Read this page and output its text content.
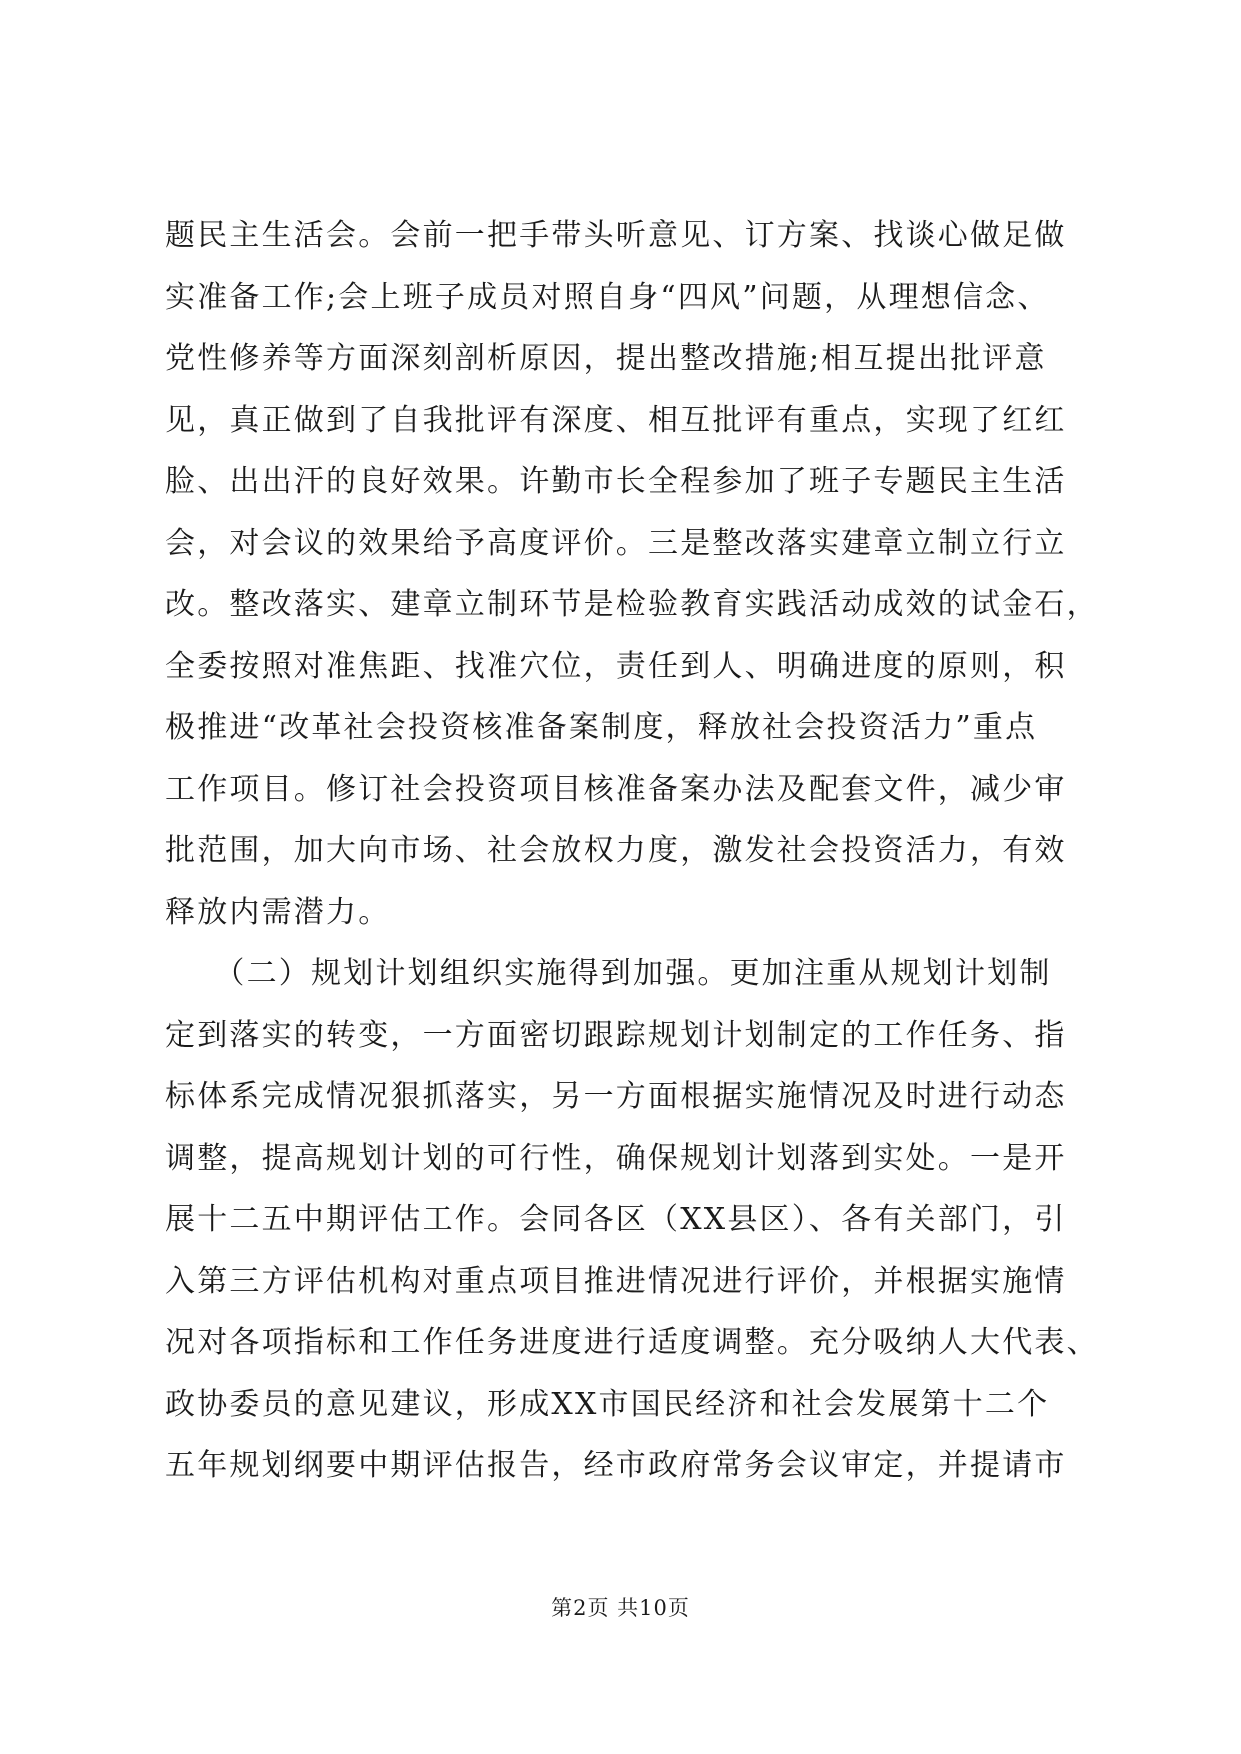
题民主生活会。会前一把手带头听意见、订方案、找谈心做足做
实准备工作;会上班子成员对照自身“四风”问题，从理想信念、
党性修养等方面深刻剖析原因，提出整改措施;相互提出批评意
见，真正做到了自我批评有深度、相互批评有重点，实现了红红
脸、出出汗的良好效果。许勤市长全程参加了班子专题民主生活
会，对会议的效果给予高度评价。三是整改落实建章立制立行立
改。整改落实、建章立制环节是检验教育实践活动成效的试金石，
全委按照对准焦距、找准穴位，责任到人、明确进度的原则，积
极推进“改革社会投资核准备案制度，释放社会投资活力”重点
工作项目。修订社会投资项目核准备案办法及配套文件，减少审
批范围，加大向市场、社会放权力度，激发社会投资活力，有效
释放内需潜力。
　　（二）规划计划组织实施得到加强。更加注重从规划计划制
定到落实的转变，一方面密切跟踪规划计划制定的工作任务、指
标体系完成情况狠抓落实，另一方面根据实施情况及时进行动态
调整，提高规划计划的可行性，确保规划计划落到实处。一是开
展十二五中期评估工作。会同各区（XX县区）、各有关部门，引
入第三方评估机构对重点项目推进情况进行评价，并根据实施情
况对各项指标和工作任务进度进行适度调整。充分吸纳人大代表、
政协委员的意见建议，形成XX市国民经济和社会发展第十二个
五年规划纲要中期评估报告，经市政府常务会议审定，并提请市
第2页 共10页
